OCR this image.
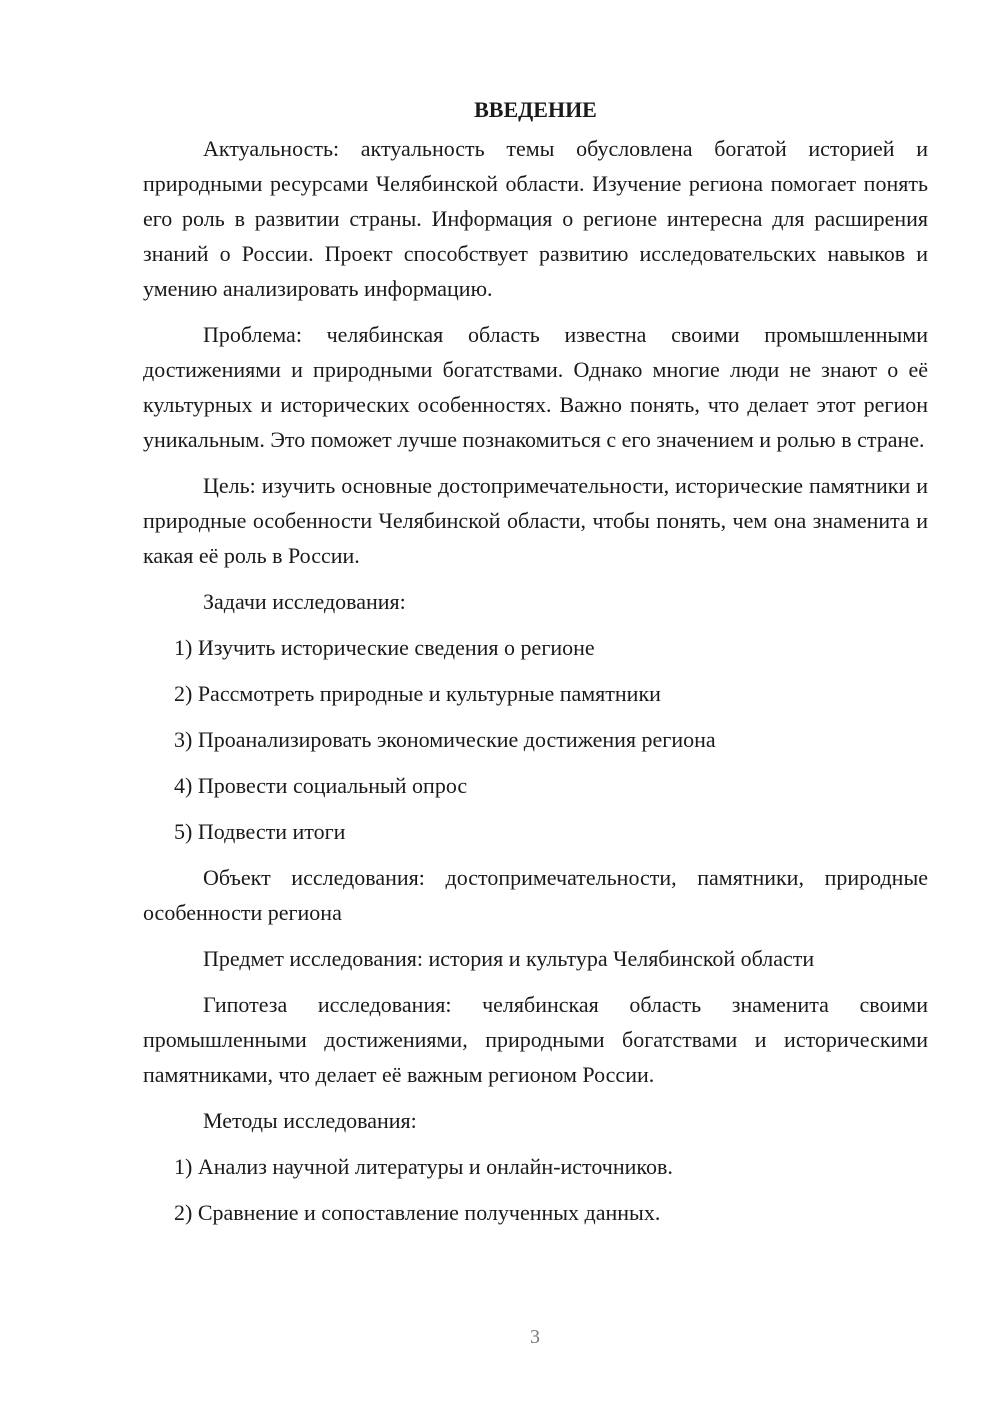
ВВЕДЕНИЕ

Актуальность: актуальность темы обусловлена богатой историей и природными ресурсами Челябинской области. Изучение региона помогает понять его роль в развитии страны. Информация о регионе интересна для расширения знаний о России. Проект способствует развитию исследовательских навыков и умению анализировать информацию.

Проблема: челябинская область известна своими промышленными достижениями и природными богатствами. Однако многие люди не знают о её культурных и исторических особенностях. Важно понять, что делает этот регион уникальным. Это поможет лучше познакомиться с его значением и ролью в стране.

Цель: изучить основные достопримечательности, исторические памятники и природные особенности Челябинской области, чтобы понять, чем она знаменита и какая её роль в России.

Задачи исследования:
1) Изучить исторические сведения о регионе
2) Рассмотреть природные и культурные памятники
3) Проанализировать экономические достижения региона
4) Провести социальный опрос
5) Подвести итоги

Объект исследования: достопримечательности, памятники, природные особенности региона

Предмет исследования: история и культура Челябинской области

Гипотеза исследования: челябинская область знаменита своими промышленными достижениями, природными богатствами и историческими памятниками, что делает её важным регионом России.

Методы исследования:
1) Анализ научной литературы и онлайн-источников.
2) Сравнение и сопоставление полученных данных.
3
